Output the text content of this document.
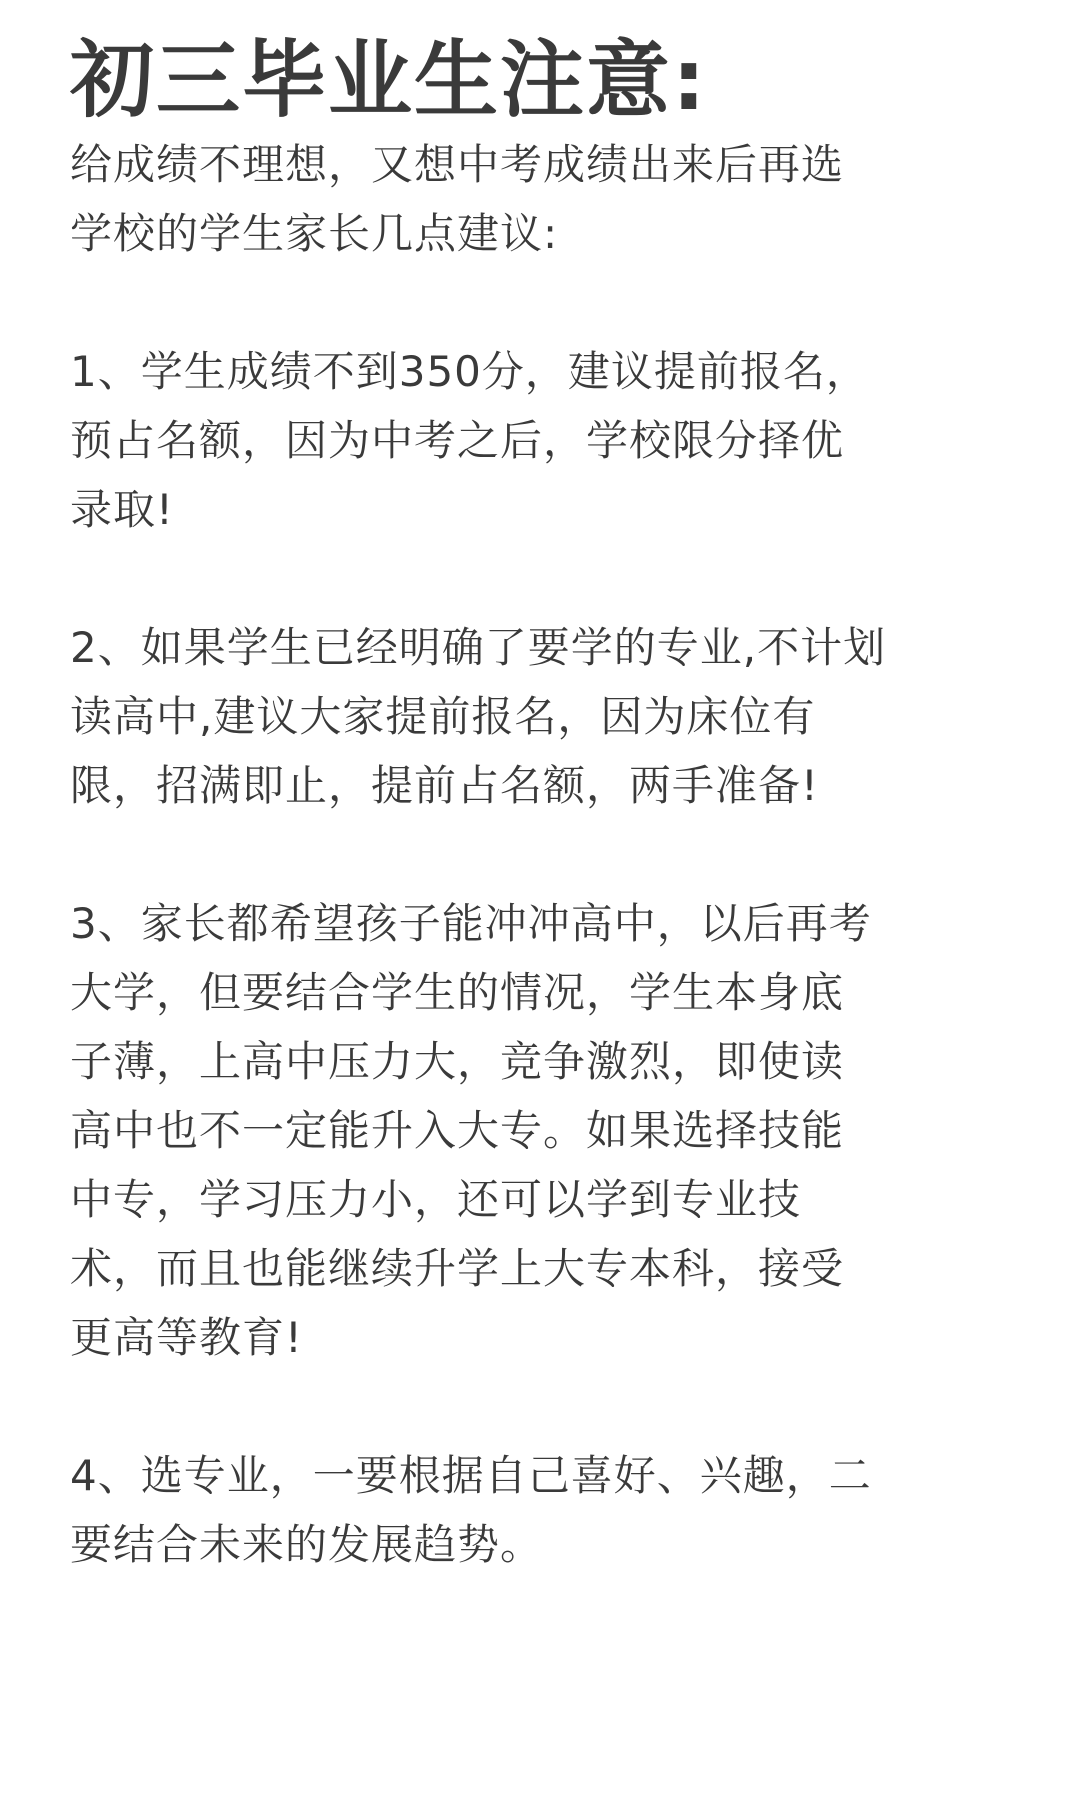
初三毕业生注意:
给成绩不理想，又想中考成绩出来后再选
学校的学生家长几点建议:
1、学生成绩不到350分，建议提前报名，
预占名额，因为中考之后，学校限分择优
录取!
2、如果学生已经明确了要学的专业,不计划
读高中,建议大家提前报名，因为床位有
限，招满即止，提前占名额，两手准备!
3、家长都希望孩子能冲冲高中，以后再考
大学，但要结合学生的情况，学生本身底
子薄，上高中压力大，竞争激烈，即使读
高中也不一定能升入大专。如果选择技能
中专，学习压力小，还可以学到专业技
术，而且也能继续升学上大专本科，接受
更高等教育!
4、选专业，一要根据自己喜好、兴趣，二
要结合未来的发展趋势。
